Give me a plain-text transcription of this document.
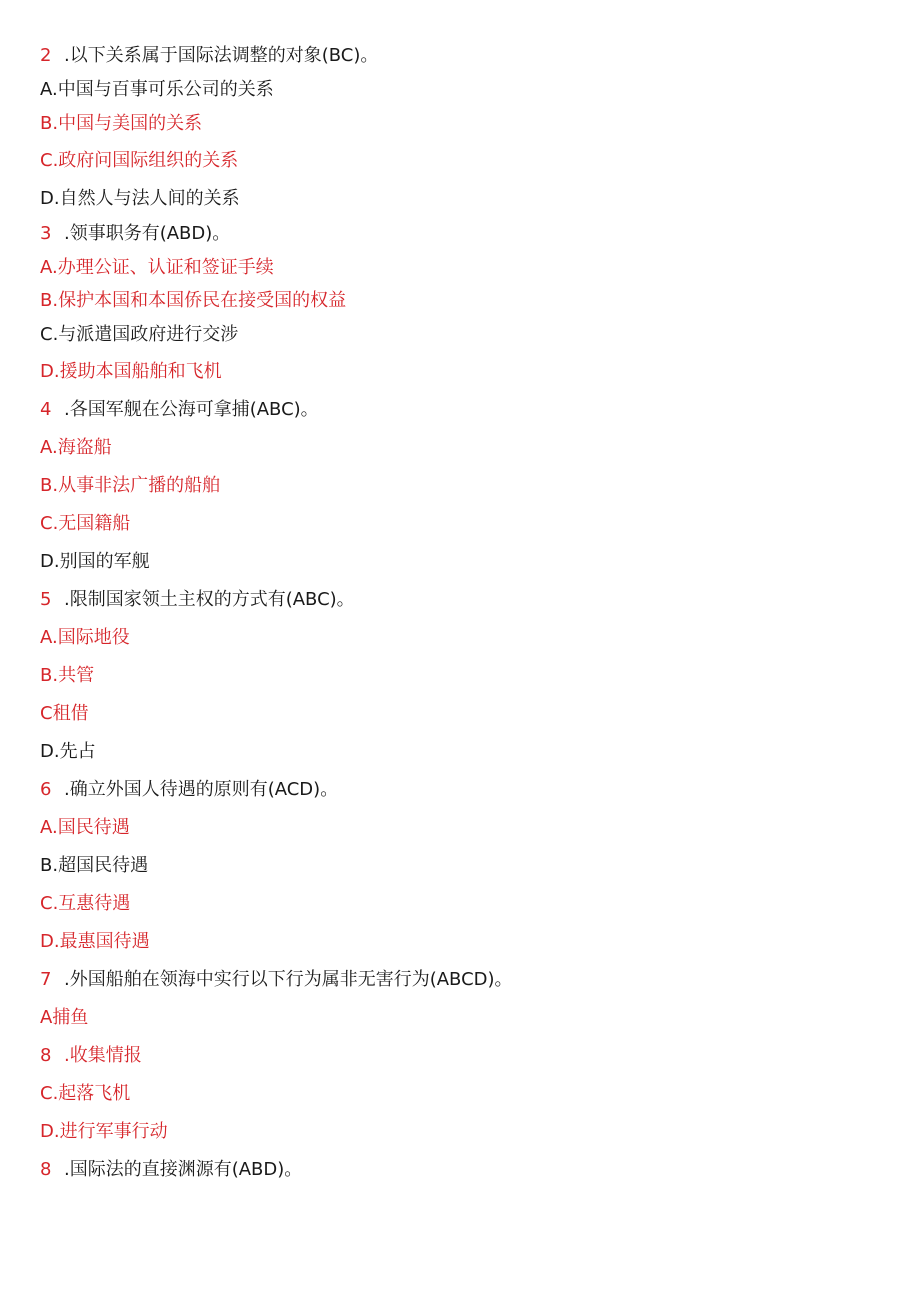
2 .以下关系属于国际法调整的对象(BC)。
A.中国与百事可乐公司的关系
B.中国与美国的关系
C.政府问国际组织的关系
D.自然人与法人间的关系
3 .领事职务有(ABD)。
A.办理公证、认证和签证手续
B.保护本国和本国侨民在接受国的权益
C.与派遣国政府进行交涉
D.援助本国船舶和飞机
4 .各国军舰在公海可拿捕(ABC)。
A.海盗船
B.从事非法广播的船舶
C.无国籍船
D.别国的军舰
5 .限制国家领土主权的方式有(ABC)。
A.国际地役
B.共管
C租借
D.先占
6 .确立外国人待遇的原则有(ACD)。
A.国民待遇
B.超国民待遇
C.互惠待遇
D.最惠国待遇
7 .外国船舶在领海中实行以下行为属非无害行为(ABCD)。
A捕鱼
8 .收集情报
C.起落飞机
D.进行军事行动
8 .国际法的直接渊源有(ABD)。
